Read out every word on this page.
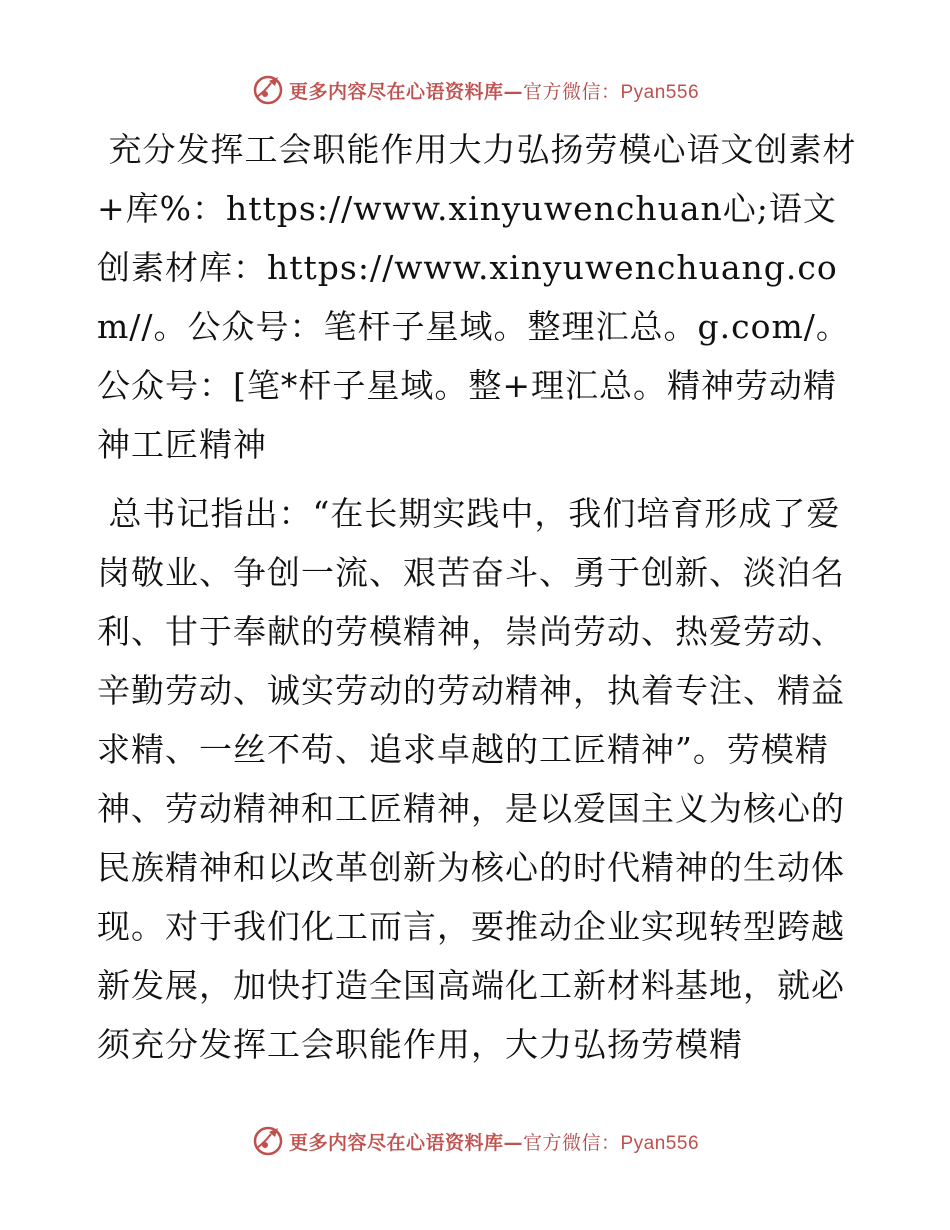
更多内容尽在心语资料库—官方微信：Pyan556

充分发挥工会职能作用大力弘扬劳模心语文创素材+库%：https://www.xinyuwenchuan心;语文创素材库：https://www.xinyuwenchuang.com//。公众号：笔杆子星域。整理汇总。g.com/。公众号：[笔*杆子星域。整+理汇总。精神劳动精神工匠精神

总书记指出：“在长期实践中，我们培育形成了爱岗敬业、争创一流、艰苦奋斗、勇于创新、淡泊名利、甘于奉献的劳模精神，崇尚劳动、热爱劳动、辛勤劳动、诚实劳动的劳动精神，执着专注、精益求精、一丝不苟、追求卓越的工匠精神”。劳模精神、劳动精神和工匠精神，是以爱国主义为核心的民族精神和以改革创新为核心的时代精神的生动体现。对于我们化工而言，要推动企业实现转型跨越新发展，加快打造全国高端化工新材料基地，就必须充分发挥工会职能作用，大力弘扬劳模精

更多内容尽在心语资料库—官方微信：Pyan556
